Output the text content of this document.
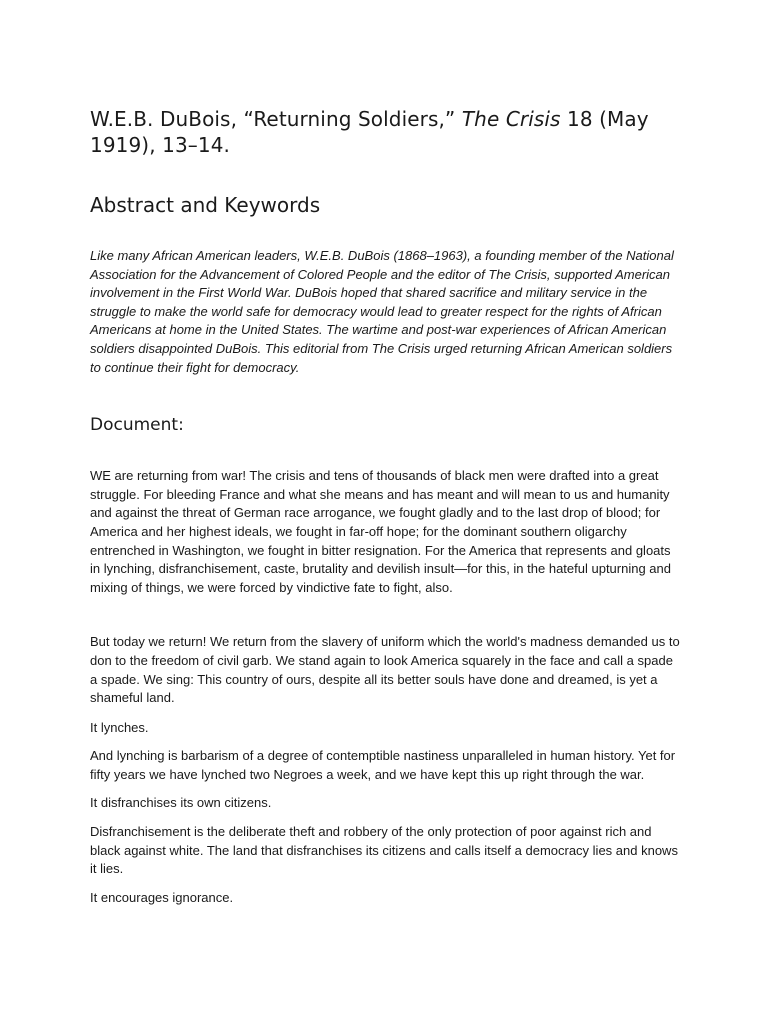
W.E.B. DuBois, “Returning Soldiers,” The Crisis 18 (May 1919), 13–14.
Abstract and Keywords

Like many African American leaders, W.E.B. DuBois (1868–1963), a founding member of the National Association for the Advancement of Colored People and the editor of The Crisis, supported American involvement in the First World War. DuBois hoped that shared sacrifice and military service in the struggle to make the world safe for democracy would lead to greater respect for the rights of African Americans at home in the United States. The wartime and post-war experiences of African American soldiers disappointed DuBois. This editorial from The Crisis urged returning African American soldiers to continue their fight for democracy.

Document:

WE are returning from war! The crisis and tens of thousands of black men were drafted into a great struggle. For bleeding France and what she means and has meant and will mean to us and humanity and against the threat of German race arrogance, we fought gladly and to the last drop of blood; for America and her highest ideals, we fought in far-off hope; for the dominant southern oligarchy entrenched in Washington, we fought in bitter resignation. For the America that represents and gloats in lynching, disfranchisement, caste, brutality and devilish insult—for this, in the hateful upturning and mixing of things, we were forced by vindictive fate to fight, also.

But today we return! We return from the slavery of uniform which the world's madness demanded us to don to the freedom of civil garb. We stand again to look America squarely in the face and call a spade a spade. We sing: This country of ours, despite all its better souls have done and dreamed, is yet a shameful land.

It lynches.

And lynching is barbarism of a degree of contemptible nastiness unparalleled in human history. Yet for fifty years we have lynched two Negroes a week, and we have kept this up right through the war.

It disfranchises its own citizens.

Disfranchisement is the deliberate theft and robbery of the only protection of poor against rich and black against white. The land that disfranchises its citizens and calls itself a democracy lies and knows it lies.

It encourages ignorance.
